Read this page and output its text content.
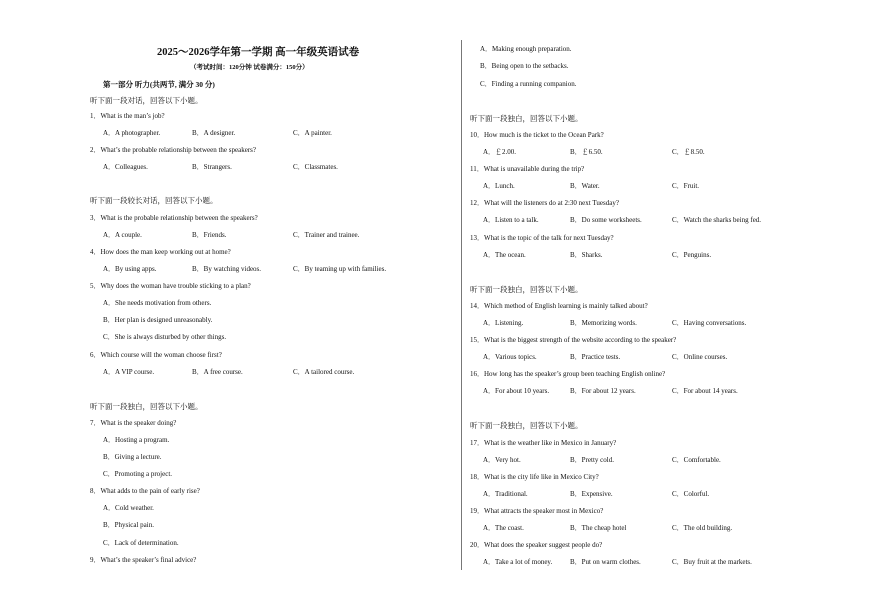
2025～2026学年第一学期 高一年级英语试卷
（考试时间：120分钟 试卷满分：150分）
第一部分 听力(共两节, 满分 30 分)
听下面一段对话，回答以下小题。
1．What is the man’s job?
A．A photographer.	B．A designer.	C．A painter.
2．What’s the probable relationship between the speakers?
A．Colleagues.	B．Strangers.	C．Classmates.
听下面一段较长对话，回答以下小题。
3．What is the probable relationship between the speakers?
A．A couple.	B．Friends.	C．Trainer and trainee.
4．How does the man keep working out at home?
A．By using apps.	B．By watching videos.	C．By teaming up with families.
5．Why does the woman have trouble sticking to a plan?
A．She needs motivation from others.
B．Her plan is designed unreasonably.
C．She is always disturbed by other things.
6．Which course will the woman choose first?
A．A VIP course.	B．A free course.	C．A tailored course.
听下面一段独白，回答以下小题。
7．What is the speaker doing?
A．Hosting a program.
B．Giving a lecture.
C．Promoting a project.
8．What adds to the pain of early rise?
A．Cold weather.
B．Physical pain.
C．Lack of determination.
9．What’s the speaker’s final advice?
A．Making enough preparation.
B．Being open to the setbacks.
C．Finding a running companion.
听下面一段独白，回答以下小题。
10．How much is the ticket to the Ocean Park?
A．￡2.00.	B．￡6.50.	C．￡8.50.
11．What is unavailable during the trip?
A．Lunch.	B．Water.	C．Fruit.
12．What will the listeners do at 2:30 next Tuesday?
A．Listen to a talk.	B．Do some worksheets.	C．Watch the sharks being fed.
13．What is the topic of the talk for next Tuesday?
A．The ocean.	B．Sharks.	C．Penguins.
听下面一段独白，回答以下小题。
14．Which method of English learning is mainly talked about?
A．Listening.	B．Memorizing words.	C．Having conversations.
15．What is the biggest strength of the website according to the speaker?
A．Various topics.	B．Practice tests.	C．Online courses.
16．How long has the speaker’s group been teaching English online?
A．For about 10 years.	B．For about 12 years.	C．For about 14 years.
听下面一段独白，回答以下小题。
17．What is the weather like in Mexico in January?
A．Very hot.	B．Pretty cold.	C．Comfortable.
18．What is the city life like in Mexico City?
A．Traditional.	B．Expensive.	C．Colorful.
19．What attracts the speaker most in Mexico?
A．The coast.	B．The cheap hotel	C．The old building.
20．What does the speaker suggest people do?
A．Take a lot of money.	B．Put on warm clothes.	C．Buy fruit at the markets.
